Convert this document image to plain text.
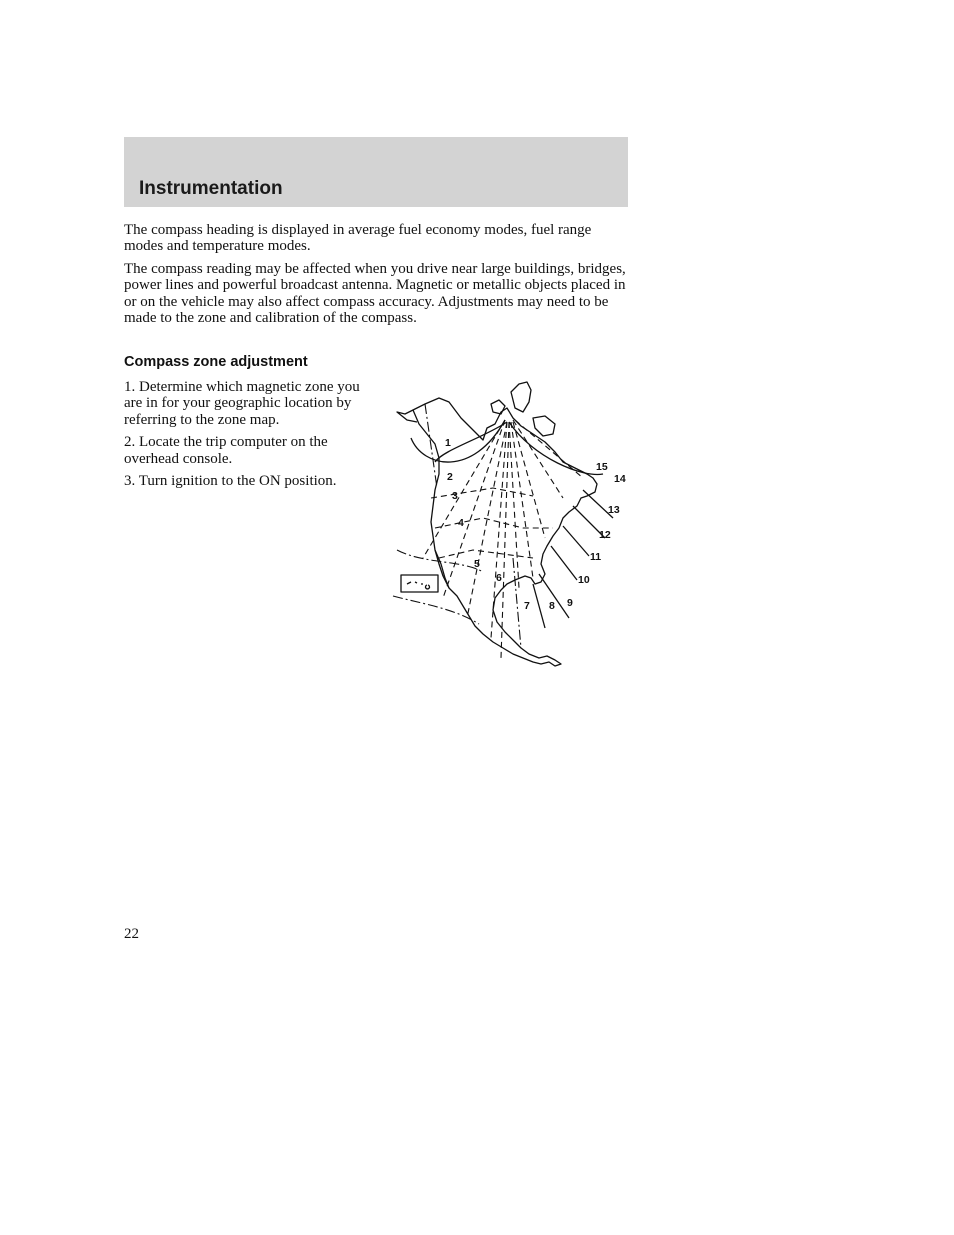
Instrumentation

The compass heading is displayed in average fuel economy modes, fuel range modes and temperature modes.

The compass reading may be affected when you drive near large buildings, bridges, power lines and powerful broadcast antenna. Magnetic or metallic objects placed in or on the vehicle may also affect compass accuracy. Adjustments may need to be made to the zone and calibration of the compass.

Compass zone adjustment

1. Determine which magnetic zone you are in for your geographic location by referring to the zone map.

2. Locate the trip computer on the overhead console.

3. Turn ignition to the ON position.

1
2
3
4
5
6
7 8 9
10
11
12
13
14
15

22
